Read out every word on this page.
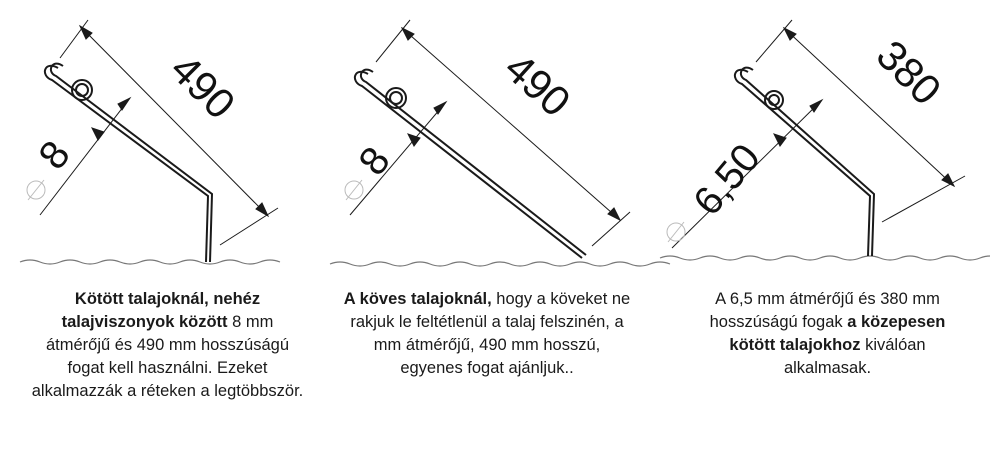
490
8
Kötött talajoknál, nehéz talajviszonyok között 8 mm átmérőjű és 490 mm hosszúságú fogat kell használni. Ezeket alkalmazzák a réteken a legtöbbször.
490
8
A köves talajoknál, hogy a köveket ne rakjuk le feltétlenül a talaj felszinén, a mm átmérőjű, 490 mm hosszú, egyenes fogat ajánljuk..
380
6,50
A 6,5 mm átmérőjű és 380 mm hosszúságú fogak a közepesen kötött talajokhoz kiválóan alkalmasak.
